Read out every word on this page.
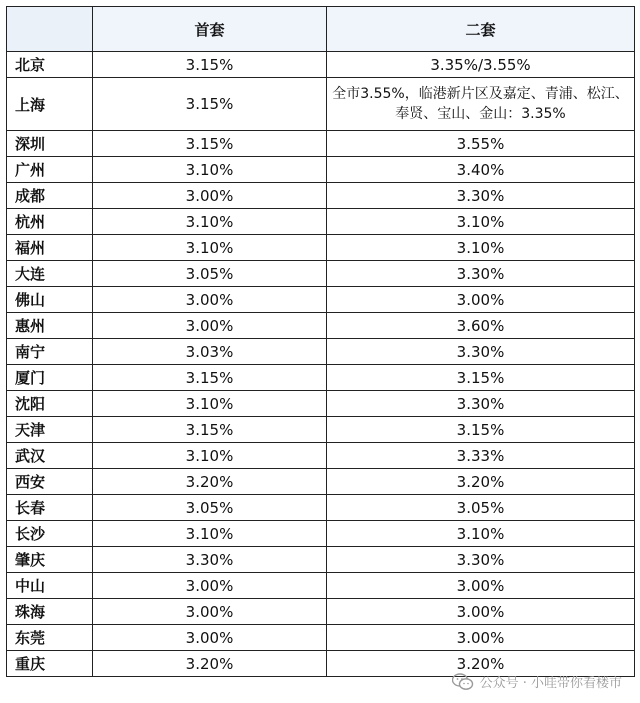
	首套	二套
北京	3.15%	3.35%/3.55%
上海	3.15%	全市3.55%，临港新片区及嘉定、青浦、松江、奉贤、宝山、金山：3.35%
深圳	3.15%	3.55%
广州	3.10%	3.40%
成都	3.00%	3.30%
杭州	3.10%	3.10%
福州	3.10%	3.10%
大连	3.05%	3.30%
佛山	3.00%	3.00%
惠州	3.00%	3.60%
南宁	3.03%	3.30%
厦门	3.15%	3.15%
沈阳	3.10%	3.30%
天津	3.15%	3.15%
武汉	3.10%	3.33%
西安	3.20%	3.20%
长春	3.05%	3.05%
长沙	3.10%	3.10%
肇庆	3.30%	3.30%
中山	3.00%	3.00%
珠海	3.00%	3.00%
东莞	3.00%	3.00%
重庆	3.20%	3.20%
公众号 · 小哇带你看楼市
